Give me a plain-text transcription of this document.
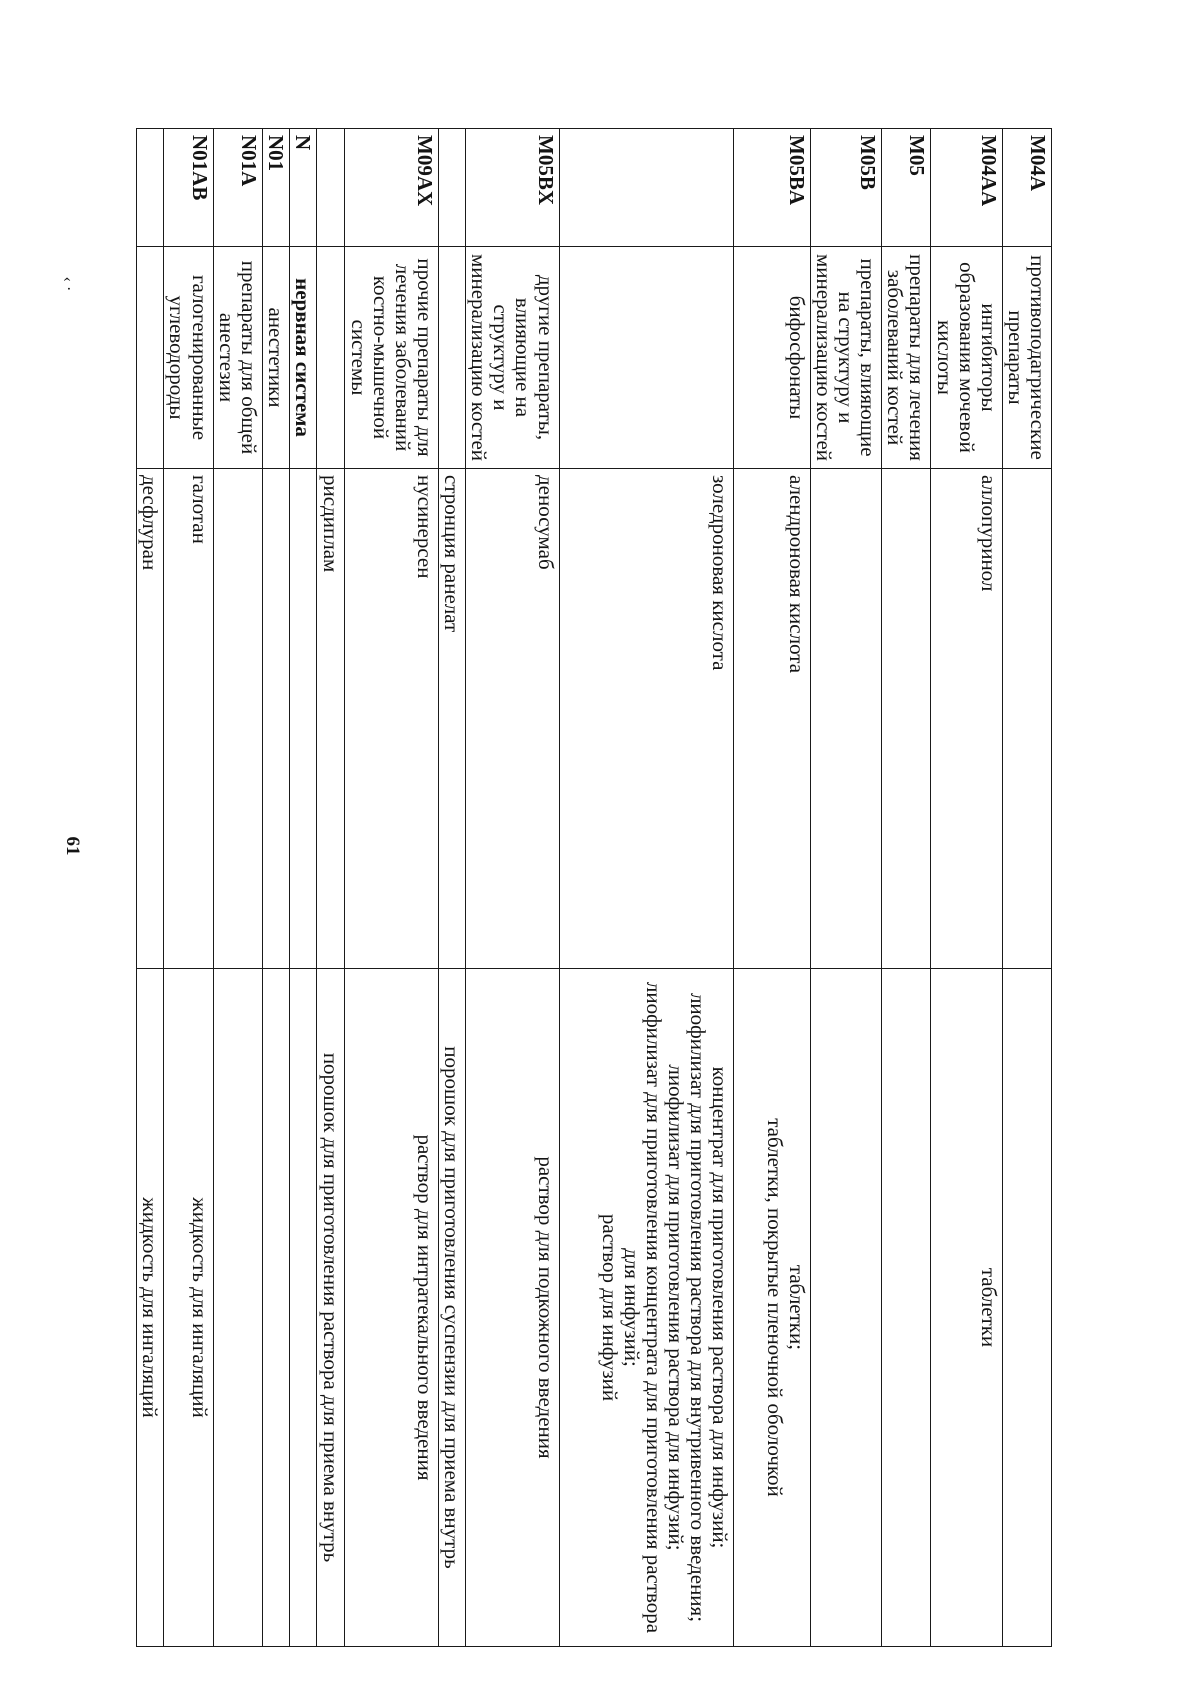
61
‹ ·
M04A	противоподагрические препараты		
M04AA	ингибиторы образования мочевой кислоты	аллопуринол	таблетки

M05	препараты для лечения заболеваний костей		
M05B	препараты, влияющие на структуру и минерализацию костей		
M05BA	бифосфонаты	алендроновая кислота	таблетки;
таблетки, покрытые пленочной оболочкой

		золедроновая кислота	концентрат для приготовления раствора для инфузий;
лиофилизат для приготовления раствора для внутривенного введения;
лиофилизат для приготовления раствора для инфузий;
лиофилизат для приготовления концентрата для приготовления раствора для инфузий;
раствор для инфузий

M05BX	другие препараты, влияющие на структуру и минерализацию костей	деносумаб	раствор для подкожного введения

		стронция ранелат	порошок для приготовления суспензии для приема внутрь

M09AX	прочие препараты для лечения заболеваний костно-мышечной системы	нусинерсен	раствор для интратекального введения

		рисдиплам	порошок для приготовления раствора для приема внутрь

N	нервная система		
N01	анестетики		
N01A	препараты для общей анестезии		
N01AB	галогенированные углеводороды	галотан	жидкость для ингаляций

		десфлуран	жидкость для ингаляций
